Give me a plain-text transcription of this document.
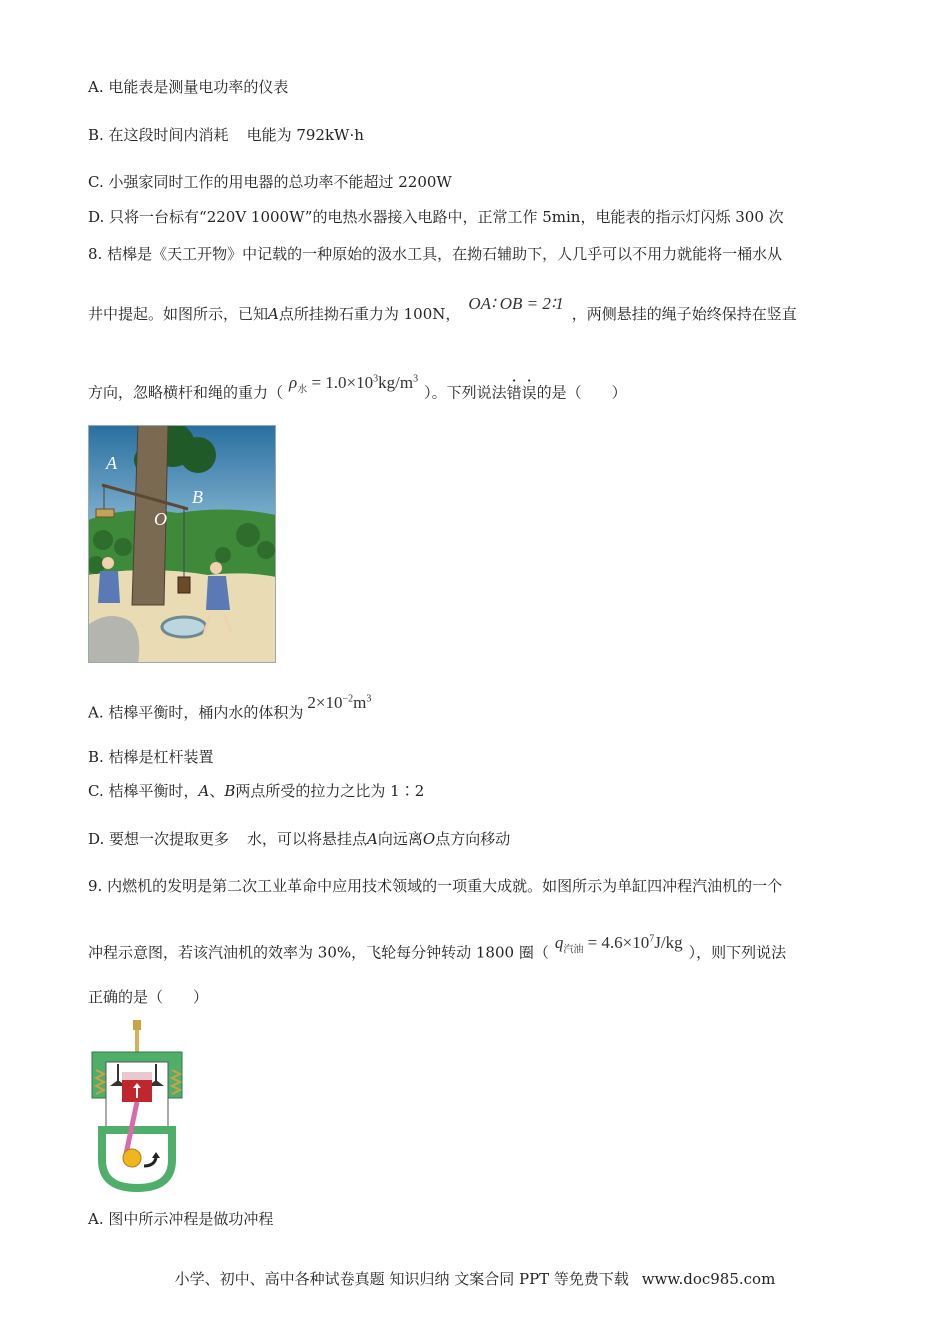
A. 电能表是测量电功率的仪表
B. 在这段时间内消耗 电能为 792kW·h
C. 小强家同时工作的用电器的总功率不能超过 2200W
D. 只将一台标有“220V 1000W”的电热水器接入电路中，正常工作 5min，电能表的指示灯闪烁 300 次
8. 桔槔是《天工开物》中记载的一种原始的汲水工具，在拗石辅助下，人几乎可以不用力就能将一桶水从
井中提起。如图所示，已知A点所挂拗石重力为 100N，OA∶ OB = 2∶1，两侧悬挂的绳子始终保持在竖直
方向，忽略横杆和绳的重力$(\rho_水 = 1.0\times 10^3kg/m^3)$。下列说法错误的是（　　）
A
B
O
A. 桔槔平衡时，桶内水的体积为$2\times 10^{-2}m^3$
B. 桔槔是杠杆装置
C. 桔槔平衡时，A、B两点所受的拉力之比为 1∶2
D. 要想一次提取更多 水，可以将悬挂点A向远离O点方向移动
9. 内燃机的发明是第二次工业革命中应用技术领域的一项重大成就。如图所示为单缸四冲程汽油机的一个
冲程示意图，若该汽油机的效率为 30%，飞轮每分钟转动 1800 圈$(q_{汽油} = 4.6\times 10^7J/kg)$，则下列说法
正确的是（　　）
A. 图中所示冲程是做功冲程
小学、初中、高中各种试卷真题 知识归纳 文案合同 PPT 等免费下载 www.doc985.com
